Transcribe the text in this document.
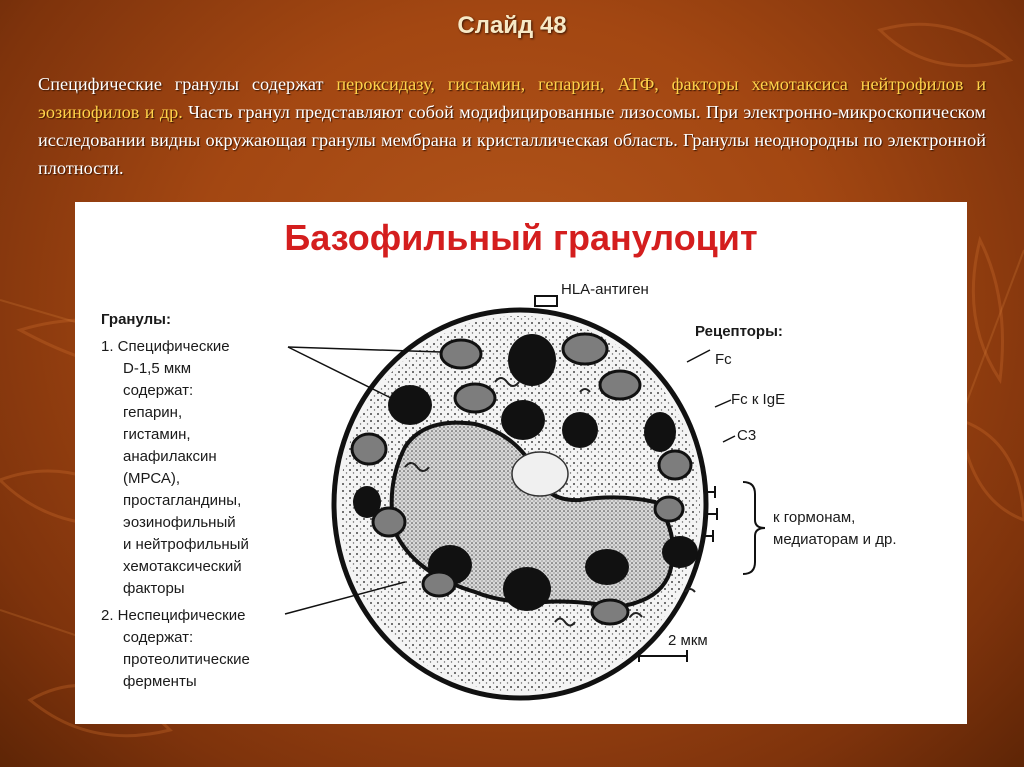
Слайд 48
Специфические гранулы содержат пероксидазу, гистамин, гепарин, АТФ, факторы хемотаксиса нейтрофилов и эозинофилов и др. Часть гранул представляют собой модифицированные лизосомы. При электронно-микроскопическом исследовании видны окружающая гранулы мембрана и кристаллическая область. Гранулы неоднородны по электронной плотности.
Базофильный гранулоцит
HLA-антиген
Гранулы:
1. Специфические
D-1,5 мкм
содержат:
гепарин,
гистамин,
анафилаксин
(МРСА),
простагландины,
эозинофильный
и нейтрофильный
хемотаксический
факторы
2. Неспецифические
содержат:
протеолитические
ферменты
Рецепторы:
Fc
Fc к IgE
C3
к гормонам,
медиаторам и др.
2 мкм
